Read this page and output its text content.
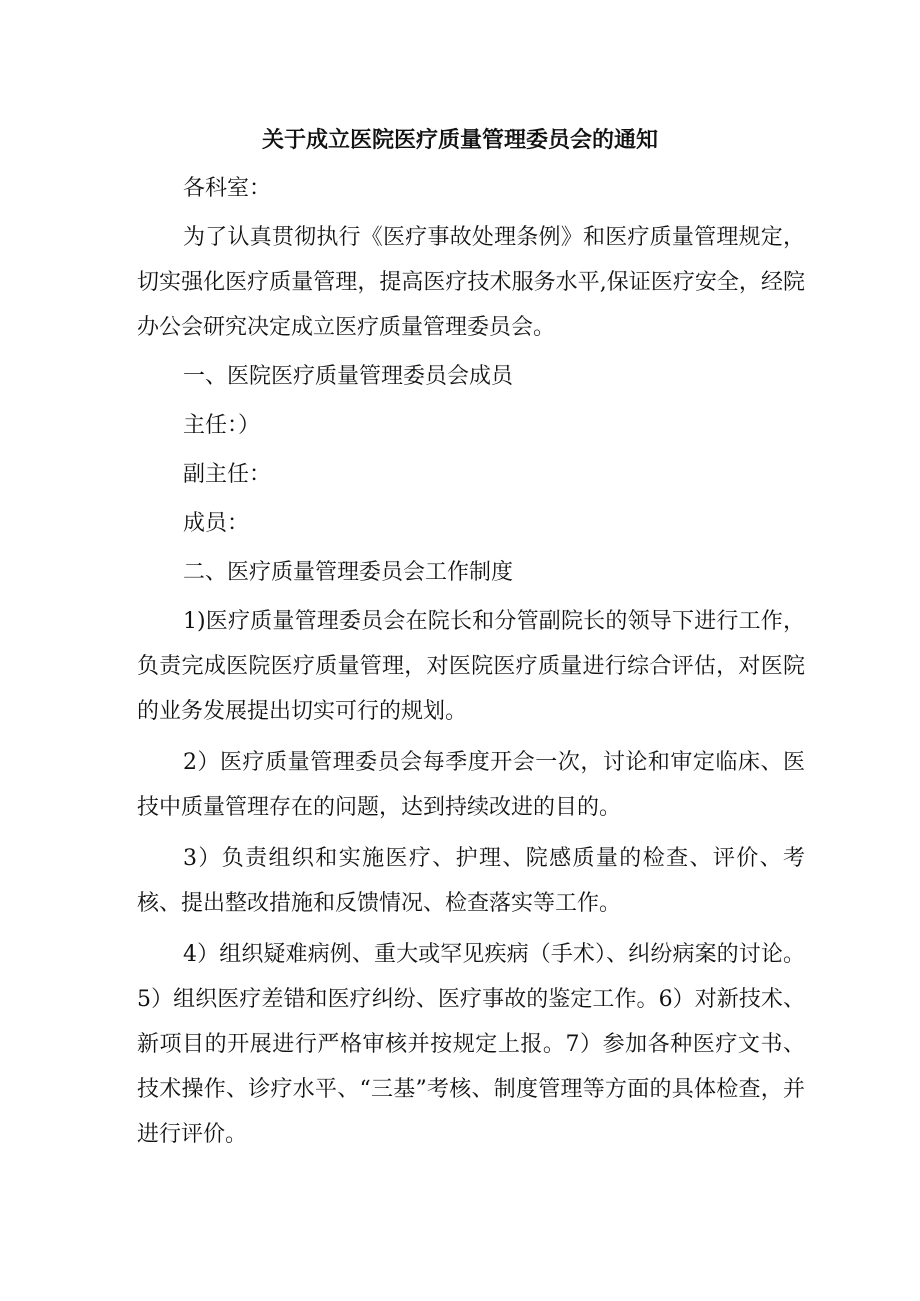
关于成立医院医疗质量管理委员会的通知

各科室：

为了认真贯彻执行《医疗事故处理条例》和医疗质量管理规定，切实强化医疗质量管理，提高医疗技术服务水平,保证医疗安全，经院办公会研究决定成立医疗质量管理委员会。

一、医院医疗质量管理委员会成员

主任：）

副主任：

成员：

二、医疗质量管理委员会工作制度

1)医疗质量管理委员会在院长和分管副院长的领导下进行工作，负责完成医院医疗质量管理，对医院医疗质量进行综合评估，对医院的业务发展提出切实可行的规划。

2）医疗质量管理委员会每季度开会一次，讨论和审定临床、医技中质量管理存在的问题，达到持续改进的目的。

3）负责组织和实施医疗、护理、院感质量的检查、评价、考核、提出整改措施和反馈情况、检查落实等工作。

4）组织疑难病例、重大或罕见疾病（手术）、纠纷病案的讨论。5）组织医疗差错和医疗纠纷、医疗事故的鉴定工作。6）对新技术、新项目的开展进行严格审核并按规定上报。7）参加各种医疗文书、技术操作、诊疗水平、“三基”考核、制度管理等方面的具体检查，并进行评价。
